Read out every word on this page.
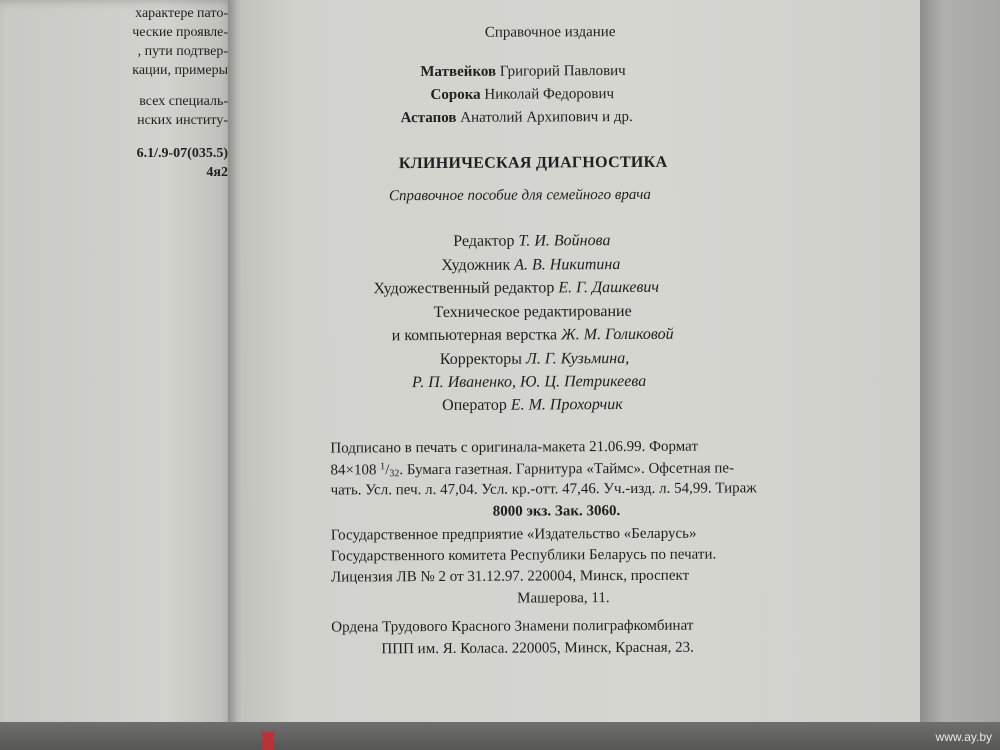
характере пато-
ческие проявле-
, пути подтвер-
кации, примеры
всех специаль-
нских институ-
6.1/.9-07(035.5)
4я2
Справочное издание
Матвейков Григорий Павлович
Сорока Николай Федорович
Астапов Анатолий Архипович и др.
КЛИНИЧЕСКАЯ ДИАГНОСТИКА
Справочное пособие для семейного врача
Редактор Т. И. Войнова
Художник А. В. Никитина
Художественный редактор Е. Г. Дашкевич
Техническое редактирование
и компьютерная верстка Ж. М. Голиковой
Корректоры Л. Г. Кузьмина,
Р. П. Иваненко, Ю. Ц. Петрикеева
Оператор Е. М. Прохорчик
Подписано в печать с оригинала-макета 21.06.99. Формат
84×108 $^1/_{32}$. Бумага газетная. Гарнитура «Таймс». Офсетная пе-
чать. Усл. печ. л. 47,04. Усл. кр.-отт. 47,46. Уч.-изд. л. 54,99. Тираж
8000 экз. Зак. 3060.
Государственное предприятие «Издательство «Беларусь»
Государственного комитета Республики Беларусь по печати.
Лицензия ЛВ № 2 от 31.12.97. 220004, Минск, проспект
Машерова, 11.
Ордена Трудового Красного Знамени полиграфкомбинат
ППП им. Я. Коласа. 220005, Минск, Красная, 23.
www.ay.by
